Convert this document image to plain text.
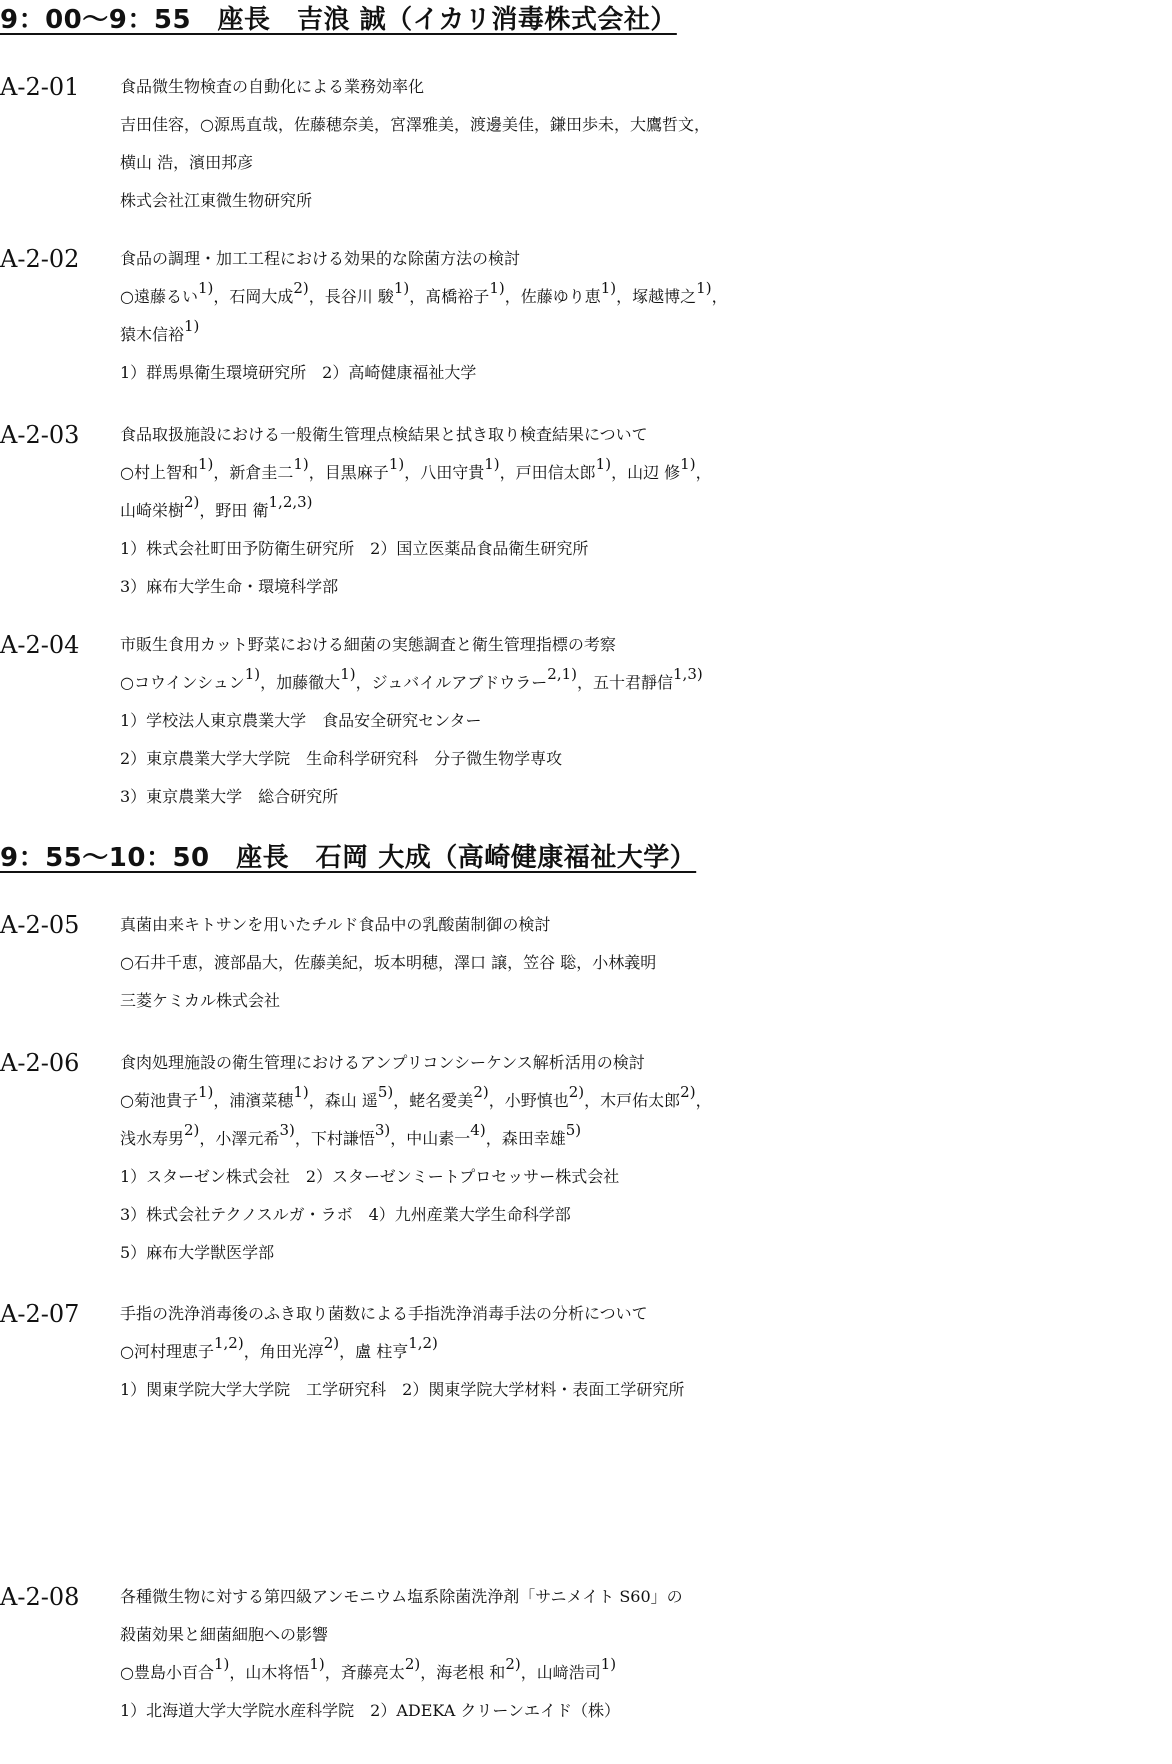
9：00〜9：55　座長　吉浪 誠（イカリ消毒株式会社）
A-2-01	食品微生物検査の自動化による業務効率化
吉田佳容，○源馬直哉，佐藤穂奈美，宮澤雅美，渡邊美佳，鎌田歩未，大鷹哲文，
横山 浩，濱田邦彦
株式会社江東微生物研究所
A-2-02	食品の調理・加工工程における効果的な除菌方法の検討
○遠藤るい$^{1)}$，石岡大成$^{2)}$，長谷川 駿$^{1)}$，髙橋裕子$^{1)}$，佐藤ゆり恵$^{1)}$，塚越博之$^{1)}$，
猿木信裕$^{1)}$
1）群馬県衛生環境研究所　2）高崎健康福祉大学
A-2-03	食品取扱施設における一般衛生管理点検結果と拭き取り検査結果について
○村上智和$^{1)}$，新倉圭二$^{1)}$，目黒麻子$^{1)}$，八田守貴$^{1)}$，戸田信太郎$^{1)}$，山辺 修$^{1)}$，
山崎栄樹$^{2)}$，野田 衛$^{1,2,3)}$
1）株式会社町田予防衛生研究所　2）国立医薬品食品衛生研究所
3）麻布大学生命・環境科学部
A-2-04	市販生食用カット野菜における細菌の実態調査と衛生管理指標の考察
○コウインシュン$^{1)}$，加藤徹大$^{1)}$，ジュバイルアブドウラー$^{2,1)}$，五十君靜信$^{1,3)}$
1）学校法人東京農業大学　食品安全研究センター
2）東京農業大学大学院　生命科学研究科　分子微生物学専攻
3）東京農業大学　総合研究所
9：55〜10：50　座長　石岡 大成（高崎健康福祉大学）
A-2-05	真菌由来キトサンを用いたチルド食品中の乳酸菌制御の検討
○石井千恵，渡部晶大，佐藤美紀，坂本明穂，澤口 譲，笠谷 聡，小林義明
三菱ケミカル株式会社
A-2-06	食肉処理施設の衛生管理におけるアンプリコンシーケンス解析活用の検討
○菊池貴子$^{1)}$，浦濱菜穂$^{1)}$，森山 遥$^{5)}$，蛯名愛美$^{2)}$，小野慎也$^{2)}$，木戸佑太郎$^{2)}$，
浅水寿男$^{2)}$，小澤元希$^{3)}$，下村謙悟$^{3)}$，中山素一$^{4)}$，森田幸雄$^{5)}$
1）スターゼン株式会社　2）スターゼンミートプロセッサー株式会社
3）株式会社テクノスルガ・ラボ　4）九州産業大学生命科学部
5）麻布大学獣医学部
A-2-07	手指の洗浄消毒後のふき取り菌数による手指洗浄消毒手法の分析について
○河村理恵子$^{1,2)}$，角田光淳$^{2)}$，盧 柱亨$^{1,2)}$
1）関東学院大学大学院　工学研究科　2）関東学院大学材料・表面工学研究所
A-2-08	各種微生物に対する第四級アンモニウム塩系除菌洗浄剤「サニメイト S60」の
殺菌効果と細菌細胞への影響
○豊島小百合$^{1)}$，山木将悟$^{1)}$，斉藤亮太$^{2)}$，海老根 和$^{2)}$，山﨑浩司$^{1)}$
1）北海道大学大学院水産科学院　2）ADEKA クリーンエイド（株）
